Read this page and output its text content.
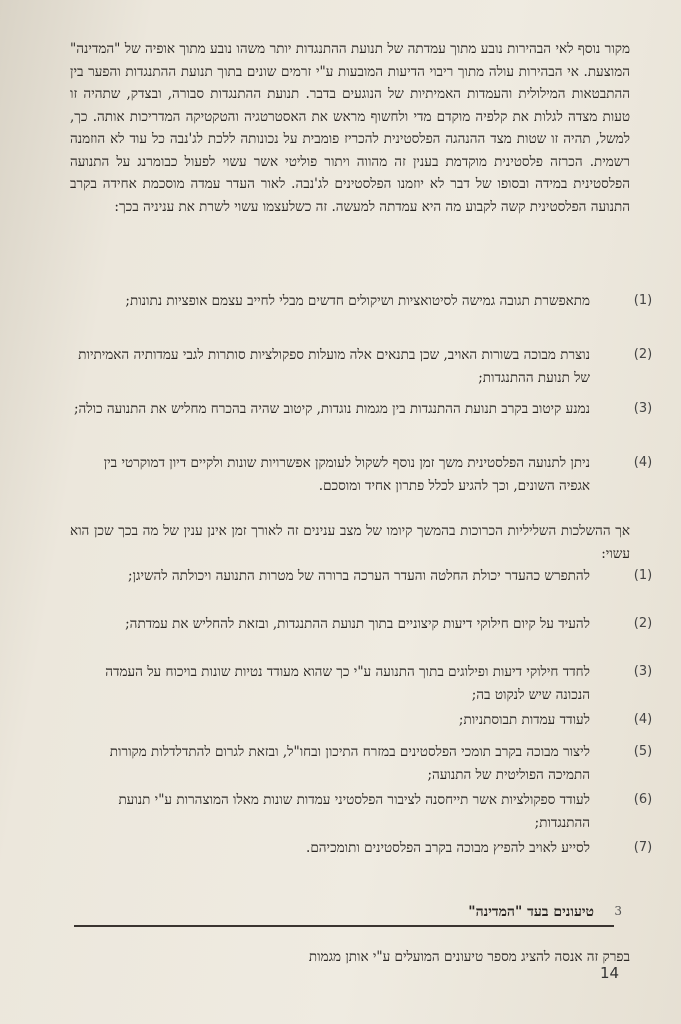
מקור נוסף לאי הבהירות נובע מתוך עמדתה של תנועת ההתנגדות יותר משהו נובע מתוך אופיה של "המדינה" המוצעת. אי הבהירות עולה מתוך ריבוי הדיעות המובעות ע"י זרמים שונים בתוך תנועת ההתנגדות והפער בין ההתבטאות המילולית והעמדות האמיתיות של הנוגעים בדבר. תנועת ההתנגדות סבורה, ובצדק, שתהיה זו טעות מצדה לגלות את קלפיה מוקדם מדי ולחשוף מראש את האסטרטגיה והטקטיקה המדריכות אותה. כך, למשל, תהיה זו שטות מצד ההנהגה הפלסטינית להכריז פומבית על נכונותה ללכת לג'נבה כל עוד לא הוזמנה רשמית. הכרזה פלסטינית מוקדמת בענין זה מהווה ויתור פוליטי אשר עשוי לפעול כבומרנג על התנועה הפלסטינית במידה ובסופו של דבר לא יוזמנו הפלסטינים לג'נבה. לאור העדר עמדה מוסכמת אחידה בקרב התנועה הפלסטינית קשה לקבוע מה היא עמדתה למעשה. זה כשלעצמו עשוי לשרת את עניניה בכך:
(1)
מתאפשרת תגובה גמישה לסיטואציות ושיקולים חדשים מבלי לחייב עצמם אופציות נתונות;
(2)
נוצרת מבוכה בשורות האויב, שכן בתנאים אלה מועלות ספקולציות סותרות לגבי עמדותיה האמיתיות של תנועת ההתנגדות;
(3)
נמנע קיטוב בקרב תנועת ההתנגדות בין מגמות נוגדות, קיטוב שהיה בהכרח מחליש את התנועה כולה;
(4)
ניתן לתנועה הפלסטינית משך זמן נוסף לשקול לעומקן אפשרויות שונות ולקיים דיון דמוקרטי בין אגפיה השונים, וכך להגיע לכלל פתרון אחיד ומוסכם.
אך ההשלכות השליליות הכרוכות בהמשך קיומו של מצב ענינים זה לאורך זמן אינן ענין של מה בכך שכן הוא עשוי:
(1)
להתפרש כהעדר יכולת החלטה והעדר הערכה ברורה של מטרות התנועה ויכולתה להשיגן;
(2)
להעיד על קיום חילוקי דיעות קיצוניים בתוך תנועת ההתנגדות, ובזאת להחליש את עמדתה;
(3)
לחדד חילוקי דיעות ופילוגים בתוך התנועה ע"י כך שהוא מעודד נטיות שונות בויכוח על העמדה הנכונה שיש לנקוט בה;
(4)
לעודד עמדות תבוסתניות;
(5)
ליצור מבוכה בקרב תומכי הפלסטינים במזרח התיכון ובחו"ל, ובזאת לגרום להתדלדלות מקורות התמיכה הפוליטית של התנועה;
(6)
לעודד ספקולציות אשר תייחסנה לציבור הפלסטיני עמדות שונות מאלו המוצהרות ע"י תנועת ההתנגדות;
(7)
לסייע לאויב להפיץ מבוכה בקרב הפלסטינים ותומכיהם.
3
טיעונים בעד "המדינה"
בפרק זה אנסה להציג מספר טיעונים המועלים ע"י אותן מגמות
14
